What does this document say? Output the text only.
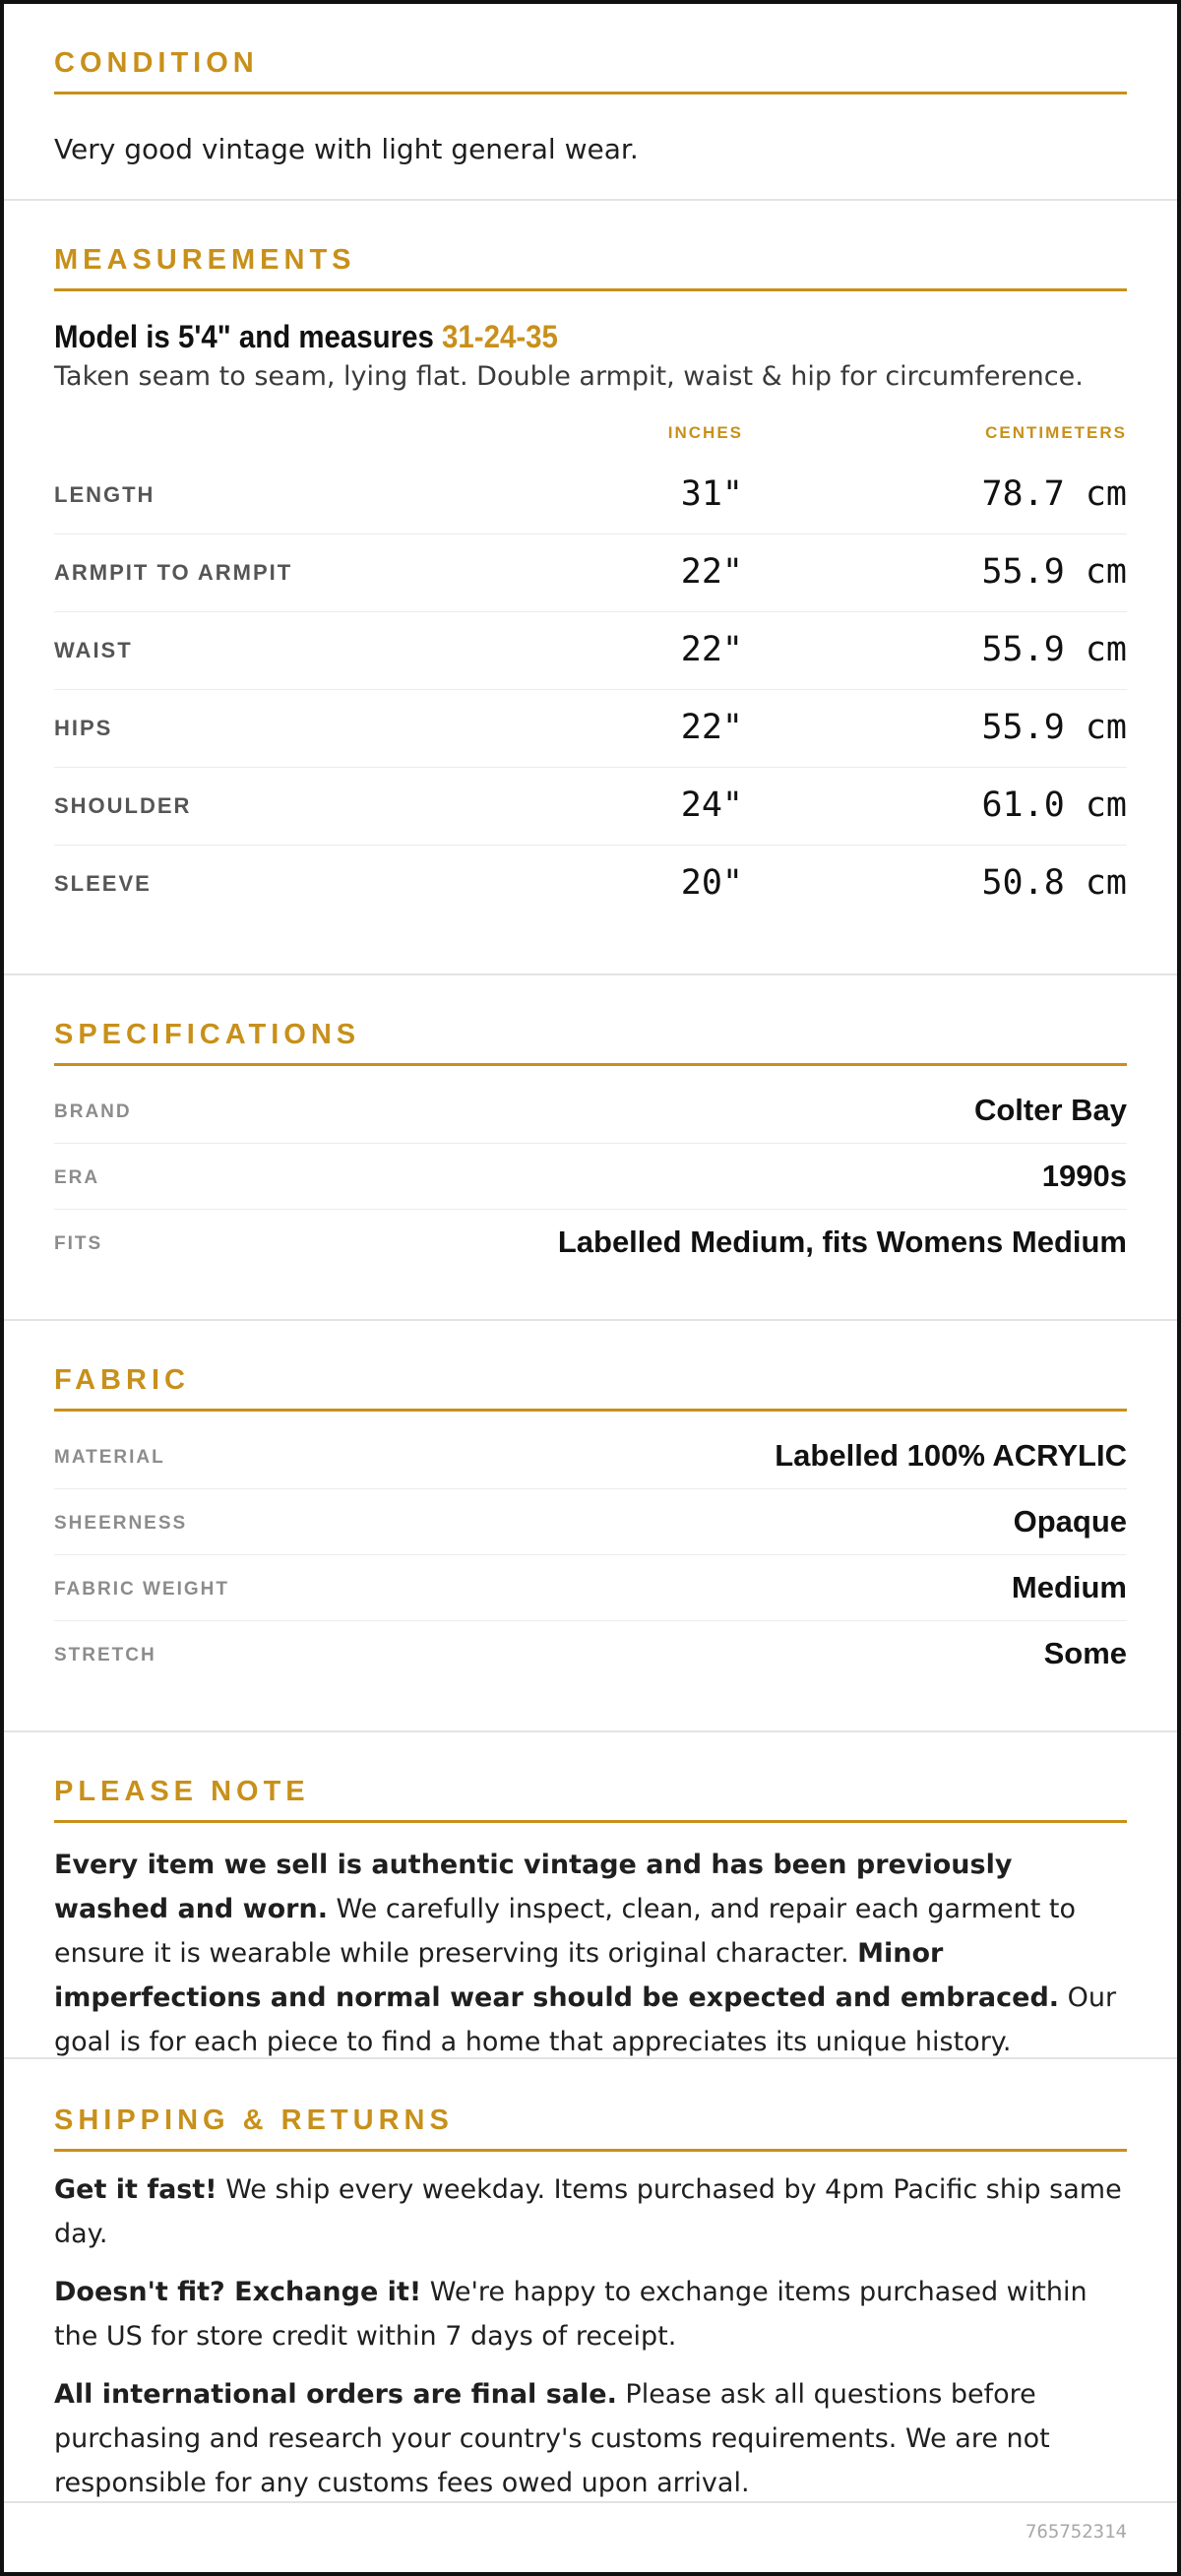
CONDITION

Very good vintage with light general wear.

MEASUREMENTS
Model is 5'4" and measures 31-24-35

Taken seam to seam, lying flat. Double armpit, waist & hip for circumference.

INCHES	CENTIMETERS
LENGTH	31"	78.7 cm
ARMPIT TO ARMPIT	22"	55.9 cm
WAIST	22"	55.9 cm
HIPS	22"	55.9 cm
SHOULDER	24"	61.0 cm
SLEEVE	20"	50.8 cm
SPECIFICATIONS
BRAND	Colter Bay
ERA	1990s
FITS	Labelled Medium, fits Womens Medium
FABRIC
MATERIAL	Labelled 100% ACRYLIC
SHEERNESS	Opaque
FABRIC WEIGHT	Medium
STRETCH	Some
PLEASE NOTE

Every item we sell is authentic vintage and has been previously washed and worn. We carefully inspect, clean, and repair each garment to ensure it is wearable while preserving its original character. Minor imperfections and normal wear should be expected and embraced. Our goal is for each piece to find a home that appreciates its unique history.

SHIPPING & RETURNS

Get it fast! We ship every weekday. Items purchased by 4pm Pacific ship same day.

Doesn't fit? Exchange it! We're happy to exchange items purchased within the US for store credit within 7 days of receipt.

All international orders are final sale. Please ask all questions before purchasing and research your country's customs requirements. We are not responsible for any customs fees owed upon arrival.

765752314
